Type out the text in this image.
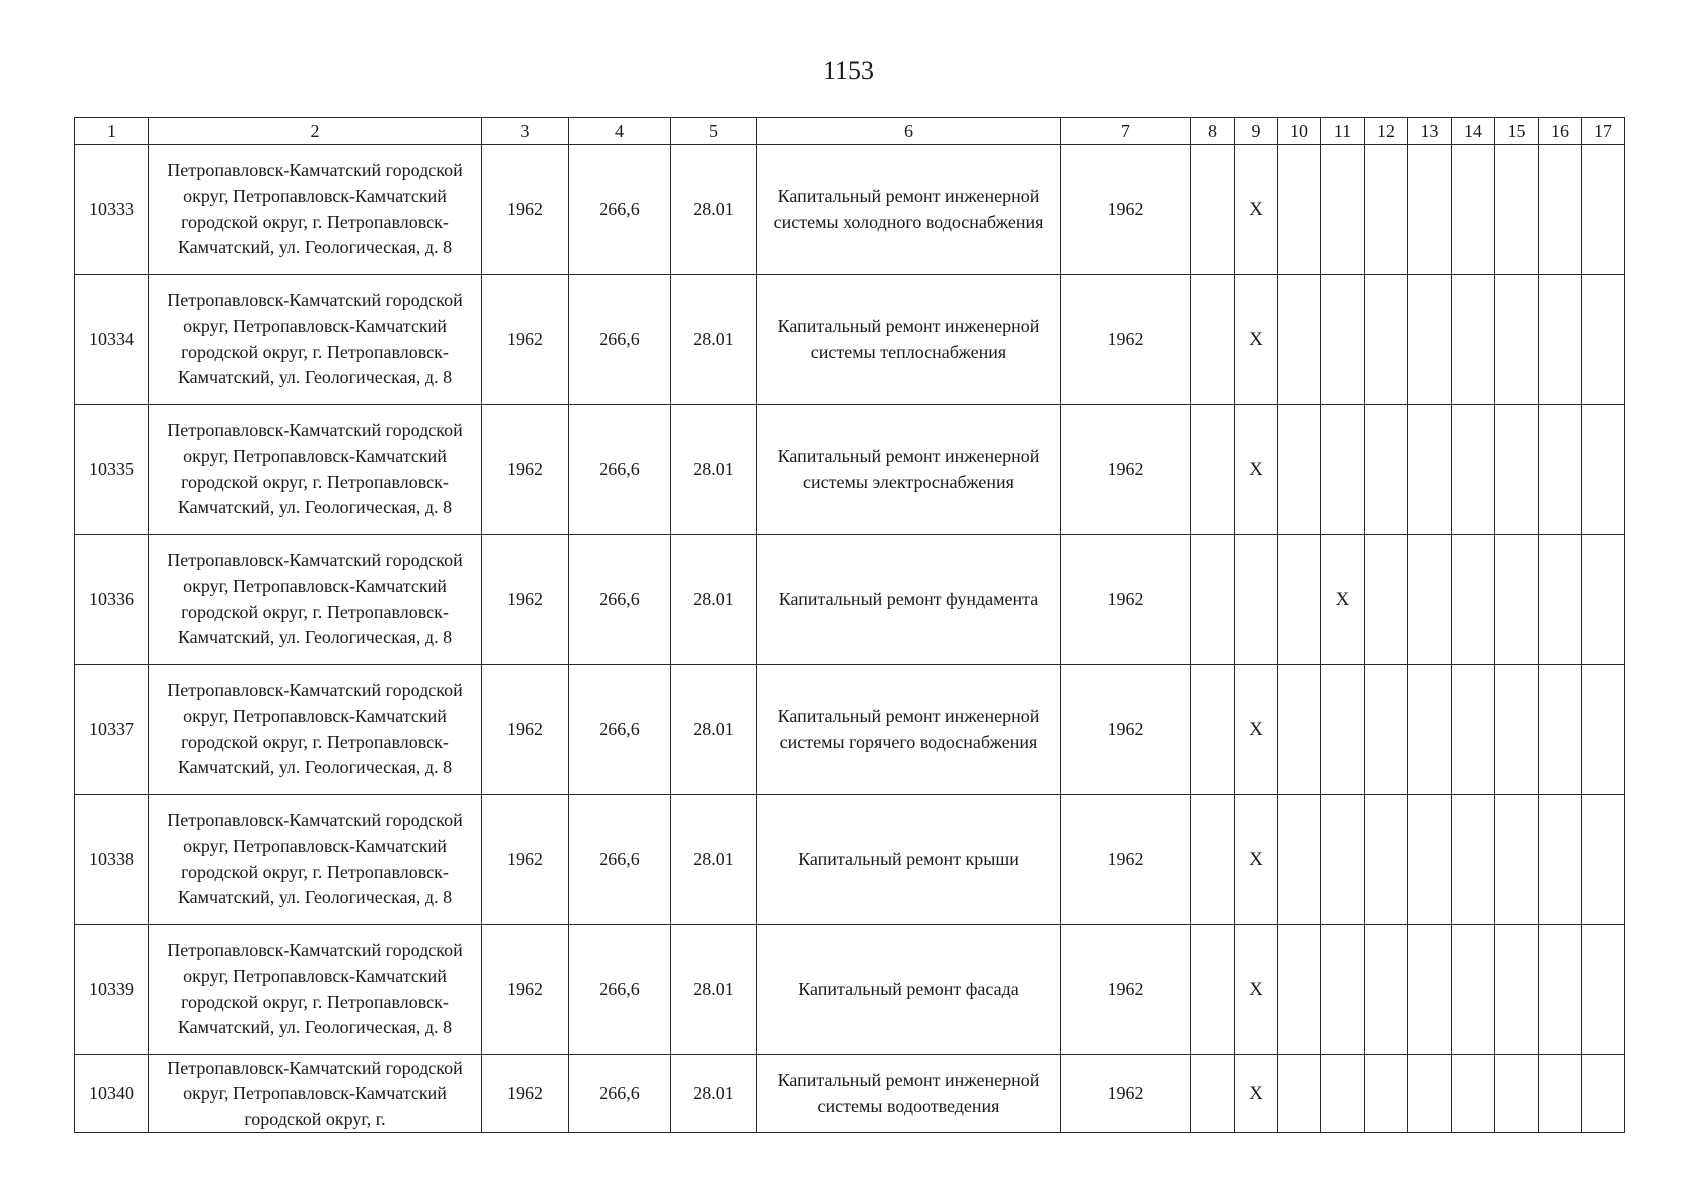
1153
1	2	3	4	5	6	7	8	9	10	11	12	13	14	15	16	17
10333	Петропавловск-Камчатский городской округ, Петропавловск-Камчатский городской округ, г. Петропавловск-Камчатский, ул. Геологическая, д. 8	1962	266,6	28.01	Капитальный ремонт инженерной системы холодного водоснабжения	1962		X								
10334	Петропавловск-Камчатский городской округ, Петропавловск-Камчатский городской округ, г. Петропавловск-Камчатский, ул. Геологическая, д. 8	1962	266,6	28.01	Капитальный ремонт инженерной системы теплоснабжения	1962		X								
10335	Петропавловск-Камчатский городской округ, Петропавловск-Камчатский городской округ, г. Петропавловск-Камчатский, ул. Геологическая, д. 8	1962	266,6	28.01	Капитальный ремонт инженерной системы электроснабжения	1962		X								
10336	Петропавловск-Камчатский городской округ, Петропавловск-Камчатский городской округ, г. Петропавловск-Камчатский, ул. Геологическая, д. 8	1962	266,6	28.01	Капитальный ремонт фундамента	1962				X						
10337	Петропавловск-Камчатский городской округ, Петропавловск-Камчатский городской округ, г. Петропавловск-Камчатский, ул. Геологическая, д. 8	1962	266,6	28.01	Капитальный ремонт инженерной системы горячего водоснабжения	1962		X								
10338	Петропавловск-Камчатский городской округ, Петропавловск-Камчатский городской округ, г. Петропавловск-Камчатский, ул. Геологическая, д. 8	1962	266,6	28.01	Капитальный ремонт крыши	1962		X								
10339	Петропавловск-Камчатский городской округ, Петропавловск-Камчатский городской округ, г. Петропавловск-Камчатский, ул. Геологическая, д. 8	1962	266,6	28.01	Капитальный ремонт фасада	1962		X								
10340	Петропавловск-Камчатский городской округ, Петропавловск-Камчатский городской округ, г.	1962	266,6	28.01	Капитальный ремонт инженерной системы водоотведения	1962		X								
